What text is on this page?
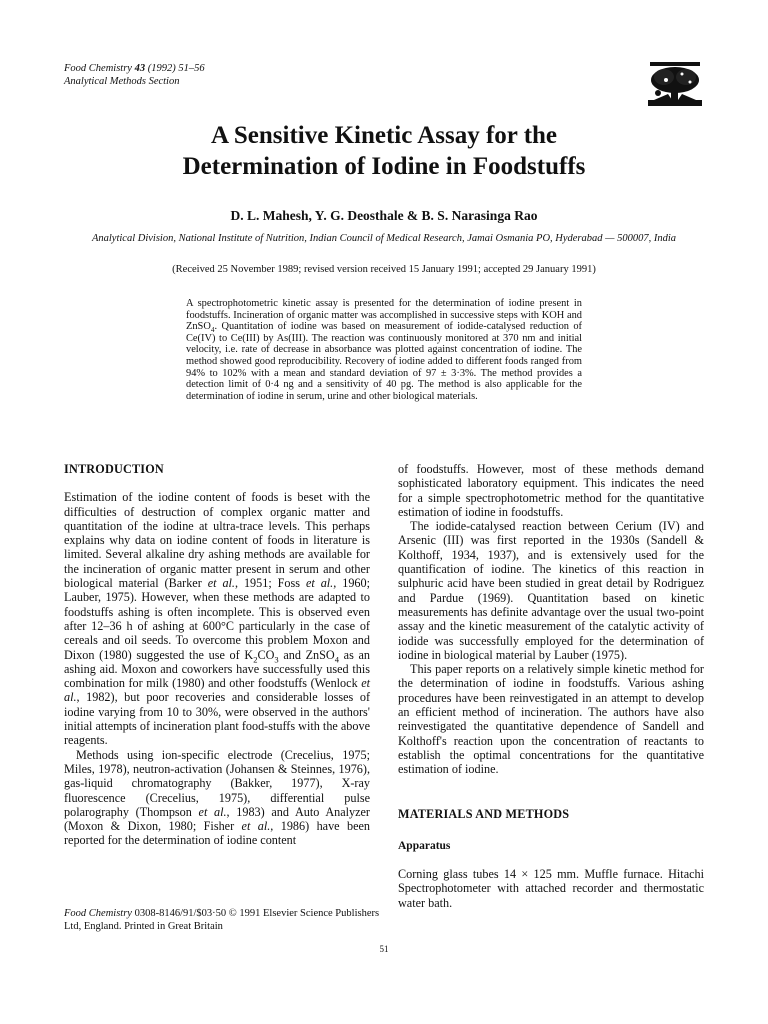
Food Chemistry 43 (1992) 51–56
Analytical Methods Section
A Sensitive Kinetic Assay for the
Determination of Iodine in Foodstuffs
D. L. Mahesh, Y. G. Deosthale & B. S. Narasinga Rao
Analytical Division, National Institute of Nutrition, Indian Council of Medical Research, Jamai Osmania PO, Hyderabad — 500007, India
(Received 25 November 1989; revised version received 15 January 1991; accepted 29 January 1991)

A spectrophotometric kinetic assay is presented for the determination of iodine present in foodstuffs. Incineration of organic matter was accomplished in successive steps with KOH and ZnSO$_4$. Quantitation of iodine was based on measurement of iodide-catalysed reduction of Ce(IV) to Ce(III) by As(III). The reaction was continuously monitored at 370 nm and initial velocity, i.e. rate of decrease in absorbance was plotted against concentration of iodine. The method showed good reproducibility. Recovery of iodine added to different foods ranged from 94% to 102% with a mean and standard deviation of 97 ± 3·3%. The method provides a detection limit of 0·4 ng and a sensitivity of 40 pg. The method is also applicable for the determination of iodine in serum, urine and other biological materials.

INTRODUCTION

Estimation of the iodine content of foods is beset with the difficulties of destruction of complex organic matter and quantitation of the iodine at ultra-trace levels. This perhaps explains why data on iodine content of foods in literature is limited. Several alkaline dry ashing methods are available for the incineration of organic matter present in serum and other biological material (Barker et al., 1951; Foss et al., 1960; Lauber, 1975). However, when these methods are adapted to foodstuffs ashing is often incomplete. This is observed even after 12–36 h of ashing at 600°C particularly in the case of cereals and oil seeds. To overcome this problem Moxon and Dixon (1980) suggested the use of $K_2CO_3$ and ZnSO$_4$ as an ashing aid. Moxon and coworkers have successfully used this combination for milk (1980) and other foodstuffs (Wenlock et al., 1982), but poor recoveries and considerable losses of iodine varying from 10 to 30%, were observed in the authors' initial attempts of incineration plant food-stuffs with the above reagents.

Methods using ion-specific electrode (Crecelius, 1975; Miles, 1978), neutron-activation (Johansen & Steinnes, 1976), gas-liquid chromatography (Bakker, 1977), X-ray fluorescence (Crecelius, 1975), differential pulse polarography (Thompson et al., 1983) and Auto Analyzer (Moxon & Dixon, 1980; Fisher et al., 1986) have been reported for the determination of iodine content

of foodstuffs. However, most of these methods demand sophisticated laboratory equipment. This indicates the need for a simple spectrophotometric method for the quantitative estimation of iodine in foodstuffs.

The iodide-catalysed reaction between Cerium (IV) and Arsenic (III) was first reported in the 1930s (Sandell & Kolthoff, 1934, 1937), and is extensively used for the quantification of iodine. The kinetics of this reaction in sulphuric acid have been studied in great detail by Rodriguez and Pardue (1969). Quantitation based on kinetic measurements has definite advantage over the usual two-point assay and the kinetic measurement of the catalytic activity of iodide was successfully employed for the determination of iodine in biological material by Lauber (1975).

This paper reports on a relatively simple kinetic method for the determination of iodine in foodstuffs. Various ashing procedures have been reinvestigated in an attempt to develop an efficient method of incineration. The authors have also reinvestigated the quantitative dependence of Sandell and Kolthoff's reaction upon the concentration of reactants to establish the optimal concentrations for the quantitative estimation of iodine.

MATERIALS AND METHODS
Apparatus

Corning glass tubes 14 × 125 mm. Muffle furnace. Hitachi Spectrophotometer with attached recorder and thermostatic water bath.

Food Chemistry 0308-8146/91/$03·50 © 1991 Elsevier Science Publishers Ltd, England. Printed in Great Britain
51
